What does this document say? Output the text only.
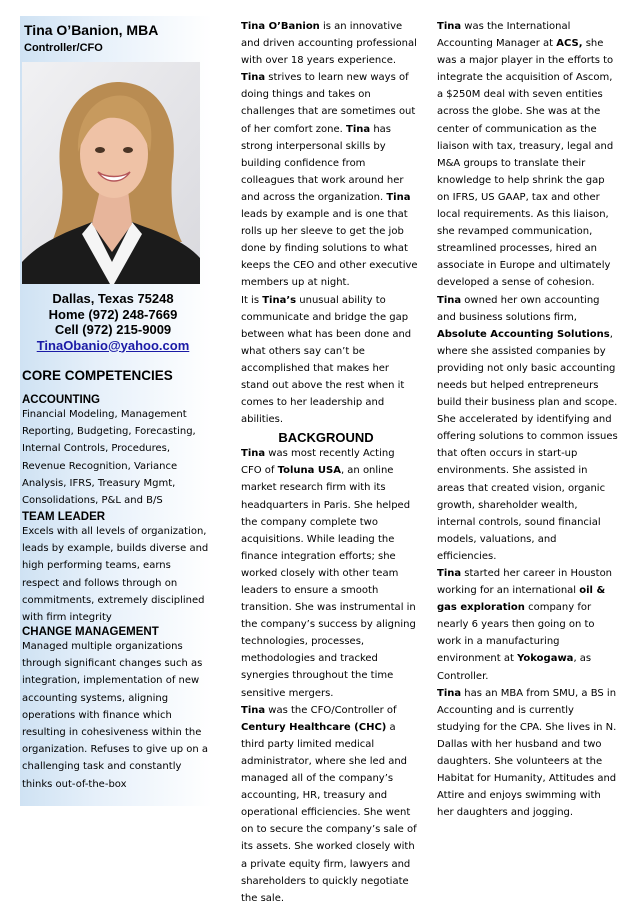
Tina O’Banion, MBA
Controller/CFO
Dallas, Texas 75248
Home (972) 248-7669
Cell (972) 215-9009
TinaObanio@yahoo.com
CORE COMPETENCIES
ACCOUNTING
Financial Modeling, Management Reporting, Budgeting, Forecasting, Internal Controls, Procedures, Revenue Recognition, Variance Analysis, IFRS, Treasury Mgmt, Consolidations, P&L and B/S
TEAM LEADER
Excels with all levels of organization, leads by example, builds diverse and high performing teams, earns respect and follows through on commitments, extremely disciplined with firm integrity
CHANGE MANAGEMENT
Managed multiple organizations through significant changes such as integration, implementation of new accounting systems, aligning operations with finance which resulting in cohesiveness within the organization. Refuses to give up on a challenging task and constantly thinks out-of-the-box

Tina O’Banion is an innovative and driven accounting professional with over 18 years experience. Tina strives to learn new ways of doing things and takes on challenges that are sometimes out of her comfort zone. Tina has strong interpersonal skills by building confidence from colleagues that work around her and across the organization. Tina leads by example and is one that rolls up her sleeve to get the job done by finding solutions to what keeps the CEO and other executive members up at night.

It is Tina’s unusual ability to communicate and bridge the gap between what has been done and what others say can’t be accomplished that makes her stand out above the rest when it comes to her leadership and abilities.

BACKGROUND

Tina was most recently Acting CFO of Toluna USA, an online market research firm with its headquarters in Paris. She helped the company complete two acquisitions. While leading the finance integration efforts; she worked closely with other team leaders to ensure a smooth transition. She was instrumental in the company’s success by aligning technologies, processes, methodologies and tracked synergies throughout the time sensitive mergers.

Tina was the CFO/Controller of Century Healthcare (CHC) a third party limited medical administrator, where she led and managed all of the company’s accounting, HR, treasury and operational efficiencies. She went on to secure the company’s sale of its assets. She worked closely with a private equity firm, lawyers and shareholders to quickly negotiate the sale.

Tina was the International Accounting Manager at ACS, she was a major player in the efforts to integrate the acquisition of Ascom, a $250M deal with seven entities across the globe. She was at the center of communication as the liaison with tax, treasury, legal and M&A groups to translate their knowledge to help shrink the gap on IFRS, US GAAP, tax and other local requirements. As this liaison, she revamped communication, streamlined processes, hired an associate in Europe and ultimately developed a sense of cohesion.

Tina owned her own accounting and business solutions firm, Absolute Accounting Solutions, where she assisted companies by providing not only basic accounting needs but helped entrepreneurs build their business plan and scope. She accelerated by identifying and offering solutions to common issues that often occurs in start-up environments. She assisted in areas that created vision, organic growth, shareholder wealth, internal controls, sound financial models, valuations, and efficiencies.

Tina started her career in Houston working for an international oil & gas exploration company for nearly 6 years then going on to work in a manufacturing environment at Yokogawa, as Controller.

Tina has an MBA from SMU, a BS in Accounting and is currently studying for the CPA. She lives in N. Dallas with her husband and two daughters. She volunteers at the Habitat for Humanity, Attitudes and Attire and enjoys swimming with her daughters and jogging.
